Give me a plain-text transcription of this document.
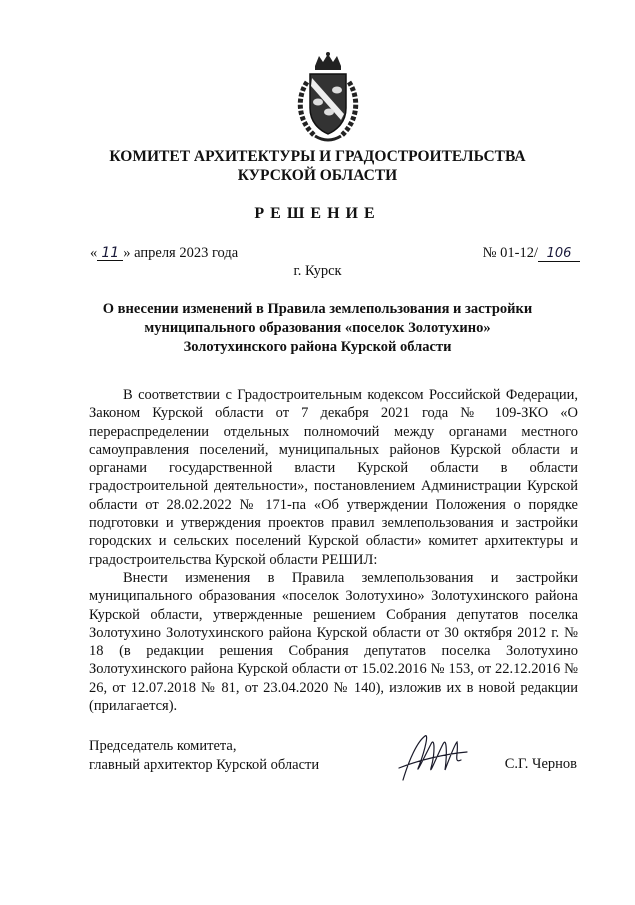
КОМИТЕТ АРХИТЕКТУРЫ И ГРАДОСТРОИТЕЛЬСТВА
КУРСКОЙ ОБЛАСТИ
РЕШЕНИЕ
« 11 » апреля 2023 года	№ 01-12/ 106
г. Курск
О внесении изменений в Правила землепользования и застройки
муниципального образования «поселок Золотухино»
Золотухинского района Курской области

В соответствии с Градостроительным кодексом Российской Федерации, Законом Курской области от 7 декабря 2021 года № 109-ЗКО «О перераспределении отдельных полномочий между органами местного самоуправления поселений, муниципальных районов Курской области и органами государственной власти Курской области в области градостроительной деятельности», постановлением Администрации Курской области от 28.02.2022 № 171-па «Об утверждении Положения о порядке подготовки и утверждения проектов правил землепользования и застройки городских и сельских поселений Курской области» комитет архитектуры и градостроительства Курской области РЕШИЛ:

Внести изменения в Правила землепользования и застройки муниципального образования «поселок Золотухино» Золотухинского района Курской области, утвержденные решением Собрания депутатов поселка Золотухино Золотухинского района Курской области от 30 октября 2012 г. № 18 (в редакции решения Собрания депутатов поселка Золотухино Золотухинского района Курской области от 15.02.2016 № 153, от 22.12.2016 № 26, от 12.07.2018 № 81, от 23.04.2020 № 140), изложив их в новой редакции (прилагается).

Председатель комитета,
главный архитектор Курской области	С.Г. Чернов
